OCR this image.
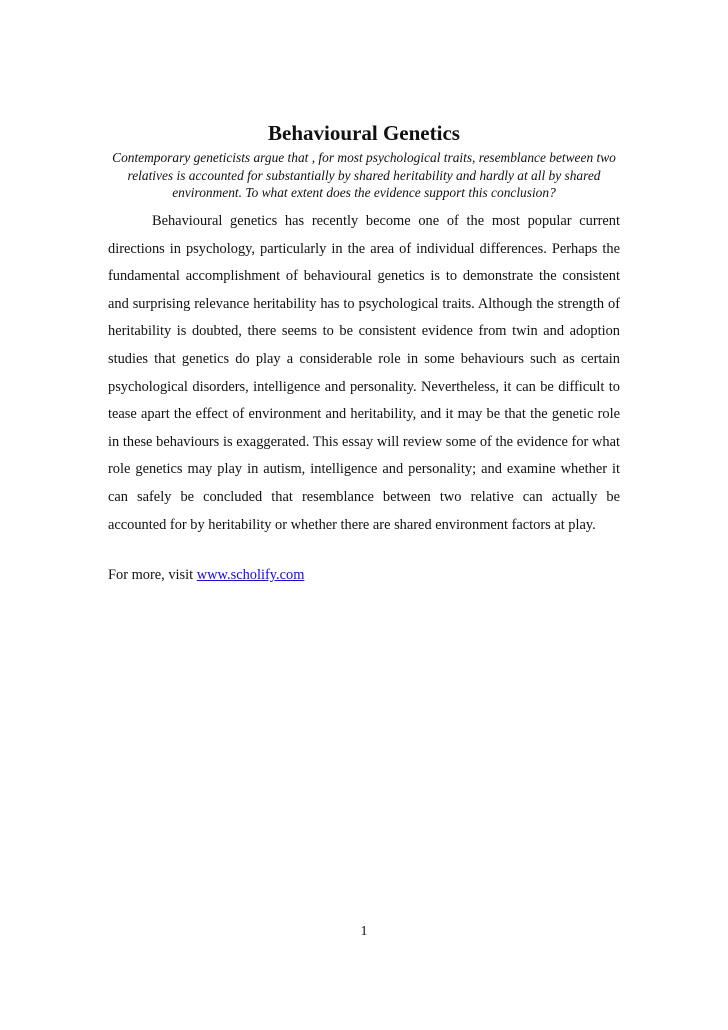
Behavioural Genetics

Contemporary geneticists argue that , for most psychological traits, resemblance between two relatives is accounted for substantially by shared heritability and hardly at all by shared environment. To what extent does the evidence support this conclusion?

Behavioural genetics has recently become one of the most popular current directions in psychology, particularly in the area of individual differences. Perhaps the fundamental accomplishment of behavioural genetics is to demonstrate the consistent and surprising relevance heritability has to psychological traits. Although the strength of heritability is doubted, there seems to be consistent evidence from twin and adoption studies that genetics do play a considerable role in some behaviours such as certain psychological disorders, intelligence and personality. Nevertheless, it can be difficult to tease apart the effect of environment and heritability, and it may be that the genetic role in these behaviours is exaggerated. This essay will review some of the evidence for what role genetics may play in autism, intelligence and personality; and examine whether it can safely be concluded that resemblance between two relative can actually be accounted for by heritability or whether there are shared environment factors at play.

For more, visit www.scholify.com

1
